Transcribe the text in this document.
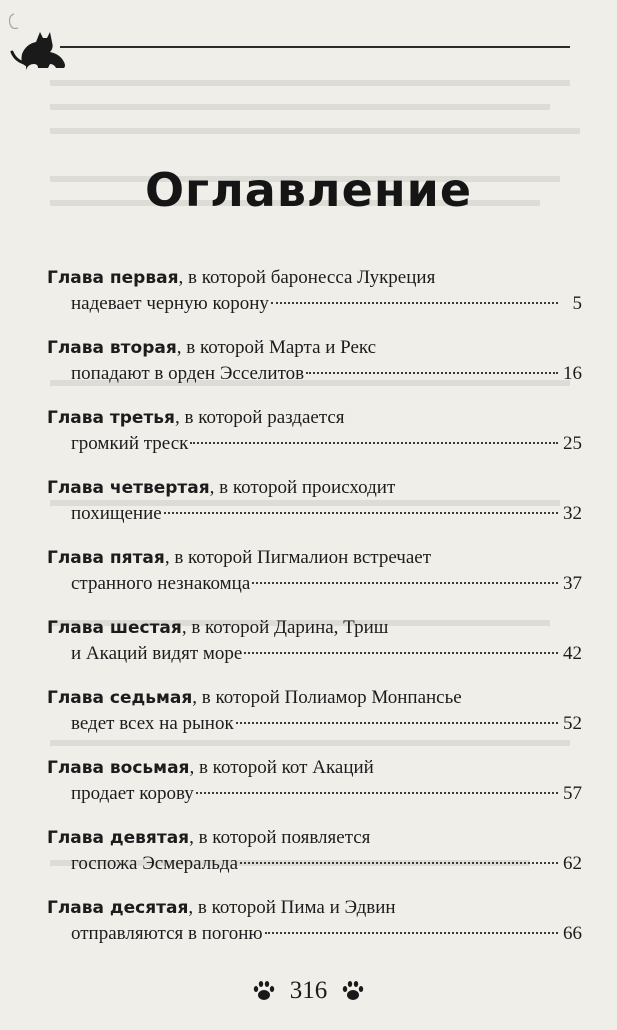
Оглавление
Глава первая, в которой баронесса Лукреция
надевает черную корону	5
Глава вторая, в которой Марта и Рекс
попадают в орден Эсселитов	16
Глава третья, в которой раздается
громкий треск	25
Глава четвертая, в которой происходит
похищение	32
Глава пятая, в которой Пигмалион встречает
странного незнакомца	37
Глава шестая, в которой Дарина, Триш
и Акаций видят море	42
Глава седьмая, в которой Полиамор Монпансье
ведет всех на рынок	52
Глава восьмая, в которой кот Акаций
продает корову	57
Глава девятая, в которой появляется
госпожа Эсмеральда	62
Глава десятая, в которой Пима и Эдвин
отправляются в погоню	66
316
